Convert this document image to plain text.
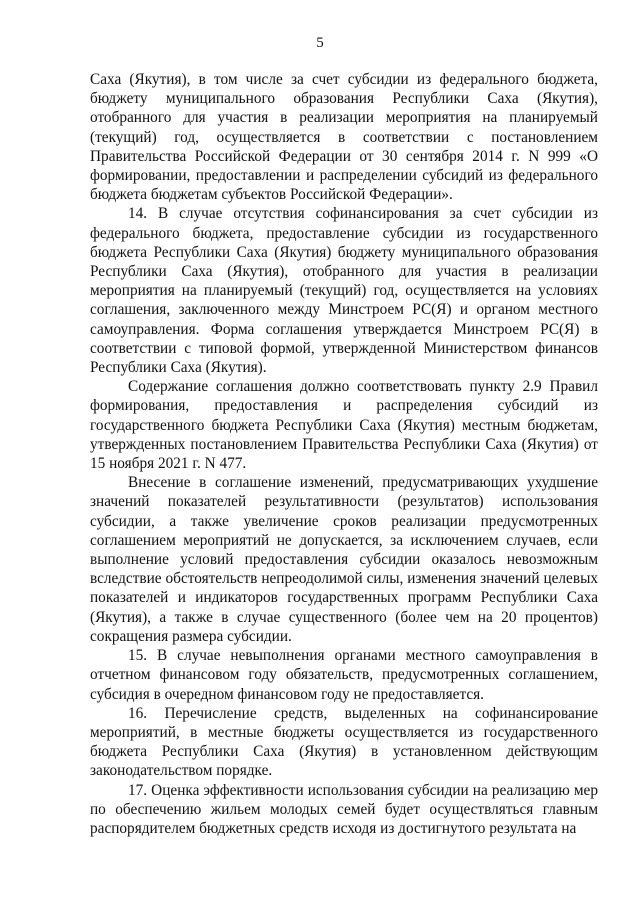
5

Саха (Якутия), в том числе за счет субсидии из федерального бюджета, бюджету муниципального образования Республики Саха (Якутия), отобранного для участия в реализации мероприятия на планируемый (текущий) год, осуществляется в соответствии с постановлением Правительства Российской Федерации от 30 сентября 2014 г. N 999 «О формировании, предоставлении и распределении субсидий из федерального бюджета бюджетам субъектов Российской Федерации».

14. В случае отсутствия софинансирования за счет субсидии из федерального бюджета, предоставление субсидии из государственного бюджета Республики Саха (Якутия) бюджету муниципального образования Республики Саха (Якутия), отобранного для участия в реализации мероприятия на планируемый (текущий) год, осуществляется на условиях соглашения, заключенного между Минстроем РС(Я) и органом местного самоуправления. Форма соглашения утверждается Минстроем РС(Я) в соответствии с типовой формой, утвержденной Министерством финансов Республики Саха (Якутия).

Содержание соглашения должно соответствовать пункту 2.9 Правил формирования, предоставления и распределения субсидий из государственного бюджета Республики Саха (Якутия) местным бюджетам, утвержденных постановлением Правительства Республики Саха (Якутия) от 15 ноября 2021 г. N 477.

Внесение в соглашение изменений, предусматривающих ухудшение значений показателей результативности (результатов) использования субсидии, а также увеличение сроков реализации предусмотренных соглашением мероприятий не допускается, за исключением случаев, если выполнение условий предоставления субсидии оказалось невозможным вследствие обстоятельств непреодолимой силы, изменения значений целевых показателей и индикаторов государственных программ Республики Саха (Якутия), а также в случае существенного (более чем на 20 процентов) сокращения размера субсидии.

15. В случае невыполнения органами местного самоуправления в отчетном финансовом году обязательств, предусмотренных соглашением, субсидия в очередном финансовом году не предоставляется.

16. Перечисление средств, выделенных на софинансирование мероприятий, в местные бюджеты осуществляется из государственного бюджета Республики Саха (Якутия) в установленном действующим законодательством порядке.

17. Оценка эффективности использования субсидии на реализацию мер по обеспечению жильем молодых семей будет осуществляться главным распорядителем бюджетных средств исходя из достигнутого результата на
